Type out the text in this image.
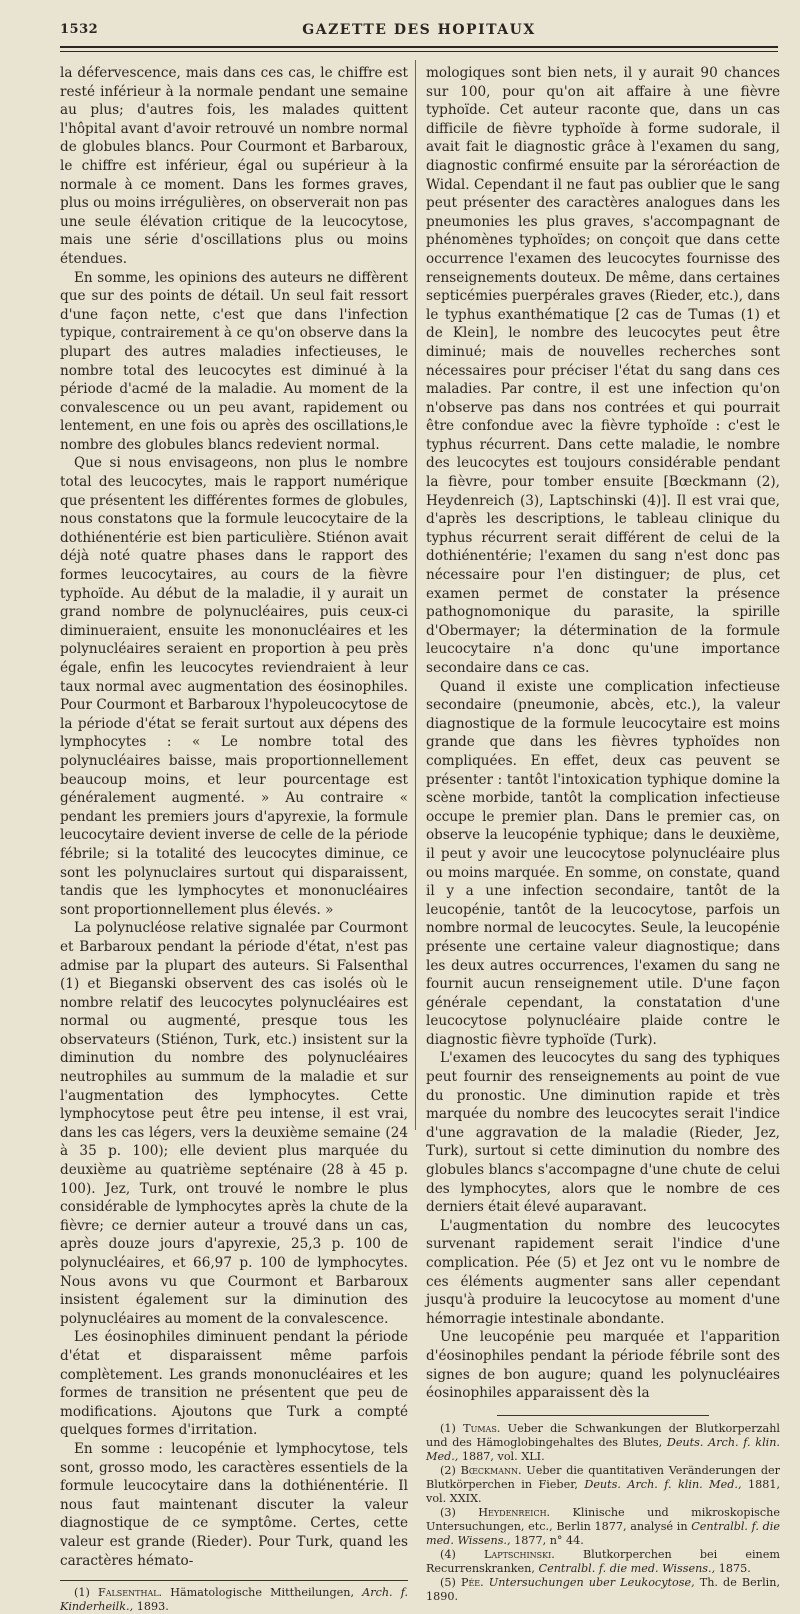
1532	GAZETTE DES HOPITAUX

la défervescence, mais dans ces cas, le chiffre est resté inférieur à la normale pendant une semaine au plus; d'autres fois, les malades quittent l'hôpital avant d'avoir retrouvé un nombre normal de globules blancs. Pour Courmont et Barbaroux, le chiffre est inférieur, égal ou supérieur à la normale à ce moment. Dans les formes graves, plus ou moins irrégulières, on observerait non pas une seule élévation critique de la leucocytose, mais une série d'oscillations plus ou moins étendues.

En somme, les opinions des auteurs ne diffèrent que sur des points de détail. Un seul fait ressort d'une façon nette, c'est que dans l'infection typique, contrairement à ce qu'on observe dans la plupart des autres maladies infectieuses, le nombre total des leucocytes est diminué à la période d'acmé de la maladie. Au moment de la convalescence ou un peu avant, rapidement ou lentement, en une fois ou après des oscillations,le nombre des globules blancs redevient normal.

Que si nous envisageons, non plus le nombre total des leucocytes, mais le rapport numérique que présentent les différentes formes de globules, nous constatons que la formule leucocytaire de la dothiénentérie est bien particulière. Stiénon avait déjà noté quatre phases dans le rapport des formes leucocytaires, au cours de la fièvre typhoïde. Au début de la maladie, il y aurait un grand nombre de polynucléaires, puis ceux-ci diminueraient, ensuite les mononucléaires et les polynucléaires seraient en proportion à peu près égale, enfin les leucocytes reviendraient à leur taux normal avec augmentation des éosinophiles. Pour Courmont et Barbaroux l'hypoleucocytose de la période d'état se ferait surtout aux dépens des lymphocytes : « Le nombre total des polynucléaires baisse, mais proportionnellement beaucoup moins, et leur pourcentage est généralement augmenté. » Au contraire « pendant les premiers jours d'apyrexie, la formule leucocytaire devient inverse de celle de la période fébrile; si la totalité des leucocytes diminue, ce sont les polynuclaires surtout qui disparaissent, tandis que les lymphocytes et mononucléaires sont proportionnellement plus élevés. »

La polynucléose relative signalée par Courmont et Barbaroux pendant la période d'état, n'est pas admise par la plupart des auteurs. Si Falsenthal (1) et Bieganski observent des cas isolés où le nombre relatif des leucocytes polynucléaires est normal ou augmenté, presque tous les observateurs (Stiénon, Turk, etc.) insistent sur la diminution du nombre des polynucléaires neutrophiles au summum de la maladie et sur l'augmentation des lymphocytes. Cette lymphocytose peut être peu intense, il est vrai, dans les cas légers, vers la deuxième semaine (24 à 35 p. 100); elle devient plus marquée du deuxième au quatrième septénaire (28 à 45 p. 100). Jez, Turk, ont trouvé le nombre le plus considérable de lymphocytes après la chute de la fièvre; ce dernier auteur a trouvé dans un cas, après douze jours d'apyrexie, 25,3 p. 100 de polynucléaires, et 66,97 p. 100 de lymphocytes. Nous avons vu que Courmont et Barbaroux insistent également sur la diminution des polynucléaires au moment de la convalescence.

Les éosinophiles diminuent pendant la période d'état et disparaissent même parfois complètement. Les grands mononucléaires et les formes de transition ne présentent que peu de modifications. Ajoutons que Turk a compté quelques formes d'irritation.

En somme : leucopénie et lymphocytose, tels sont, grosso modo, les caractères essentiels de la formule leucocytaire dans la dothiénentérie. Il nous faut maintenant discuter la valeur diagnostique de ce symptôme. Certes, cette valeur est grande (Rieder). Pour Turk, quand les caractères hémato-

(1) Falsenthal. Hämatologische Mittheilungen, Arch. f. Kinderheilk., 1893.

mologiques sont bien nets, il y aurait 90 chances sur 100, pour qu'on ait affaire à une fièvre typhoïde. Cet auteur raconte que, dans un cas difficile de fièvre typhoïde à forme sudorale, il avait fait le diagnostic grâce à l'examen du sang, diagnostic confirmé ensuite par la séroréaction de Widal. Cependant il ne faut pas oublier que le sang peut présenter des caractères analogues dans les pneumonies les plus graves, s'accompagnant de phénomènes typhoïdes; on conçoit que dans cette occurrence l'examen des leucocytes fournisse des renseignements douteux. De même, dans certaines septicémies puerpérales graves (Rieder, etc.), dans le typhus exanthématique [2 cas de Tumas (1) et de Klein], le nombre des leucocytes peut être diminué; mais de nouvelles recherches sont nécessaires pour préciser l'état du sang dans ces maladies. Par contre, il est une infection qu'on n'observe pas dans nos contrées et qui pourrait être confondue avec la fièvre typhoïde : c'est le typhus récurrent. Dans cette maladie, le nombre des leucocytes est toujours considérable pendant la fièvre, pour tomber ensuite [Bœckmann (2), Heydenreich (3), Laptschinski (4)]. Il est vrai que, d'après les descriptions, le tableau clinique du typhus récurrent serait différent de celui de la dothiénentérie; l'examen du sang n'est donc pas nécessaire pour l'en distinguer; de plus, cet examen permet de constater la présence pathognomonique du parasite, la spirille d'Obermayer; la détermination de la formule leucocytaire n'a donc qu'une importance secondaire dans ce cas.

Quand il existe une complication infectieuse secondaire (pneumonie, abcès, etc.), la valeur diagnostique de la formule leucocytaire est moins grande que dans les fièvres typhoïdes non compliquées. En effet, deux cas peuvent se présenter : tantôt l'intoxication typhique domine la scène morbide, tantôt la complication infectieuse occupe le premier plan. Dans le premier cas, on observe la leucopénie typhique; dans le deuxième, il peut y avoir une leucocytose polynucléaire plus ou moins marquée. En somme, on constate, quand il y a une infection secondaire, tantôt de la leucopénie, tantôt de la leucocytose, parfois un nombre normal de leucocytes. Seule, la leucopénie présente une certaine valeur diagnostique; dans les deux autres occurrences, l'examen du sang ne fournit aucun renseignement utile. D'une façon générale cependant, la constatation d'une leucocytose polynucléaire plaide contre le diagnostic fièvre typhoïde (Turk).

L'examen des leucocytes du sang des typhiques peut fournir des renseignements au point de vue du pronostic. Une diminution rapide et très marquée du nombre des leucocytes serait l'indice d'une aggravation de la maladie (Rieder, Jez, Turk), surtout si cette diminution du nombre des globules blancs s'accompagne d'une chute de celui des lymphocytes, alors que le nombre de ces derniers était élevé auparavant.

L'augmentation du nombre des leucocytes survenant rapidement serait l'indice d'une complication. Pée (5) et Jez ont vu le nombre de ces éléments augmenter sans aller cependant jusqu'à produire la leucocytose au moment d'une hémorragie intestinale abondante.

Une leucopénie peu marquée et l'apparition d'éosinophiles pendant la période fébrile sont des signes de bon augure; quand les polynucléaires éosinophiles apparaissent dès la

(1) Tumas. Ueber die Schwankungen der Blutkorperzahl und des Hämoglobingehaltes des Blutes, Deuts. Arch. f. klin. Med., 1887, vol. XLI.

(2) Bœckmann. Ueber die quantitativen Veränderungen der Blutkörperchen in Fieber, Deuts. Arch. f. klin. Med., 1881, vol. XXIX.

(3) Heydenreich. Klinische und mikroskopische Untersuchungen, etc., Berlin 1877, analysé in Centralbl. f. die med. Wissens., 1877, n° 44.

(4)	Laptschinski.	Blutkorperchen bei einem Recurrenskranken, Centralbl. f. die med. Wissens., 1875.

(5) Pée. Untersuchungen uber Leukocytose, Th. de Berlin, 1890.
